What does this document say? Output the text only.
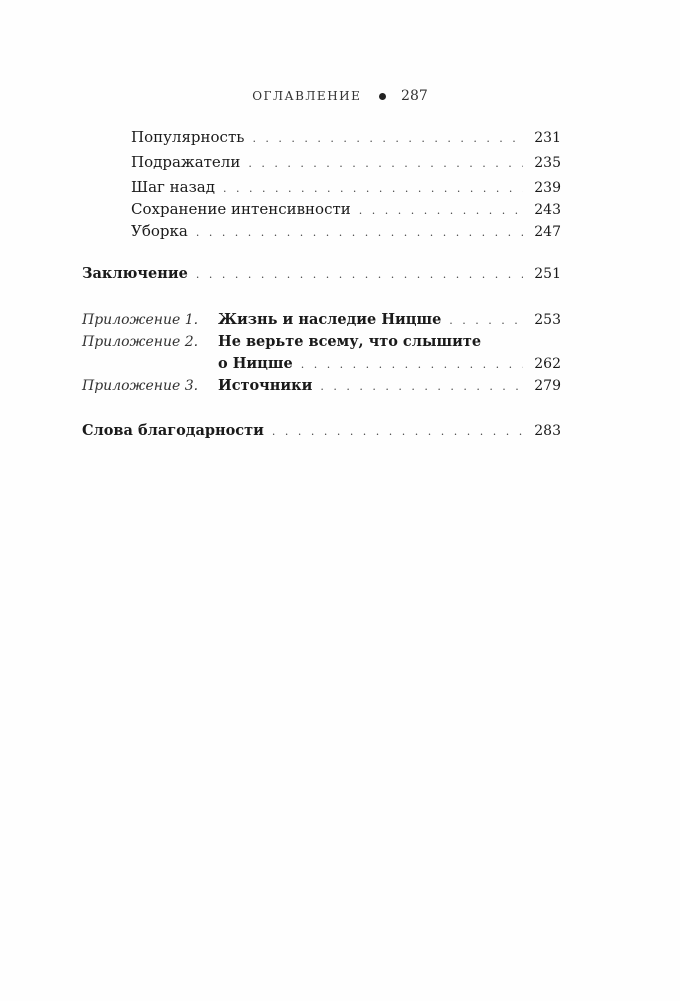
ОГЛАВЛЕНИЕ	287
Популярность . . .	231
Подражатели . . .	235
Шаг назад . . .	239
Сохранение интенсивности . . .	243
Уборка . . .	247
Заключение . . .	251
Приложение 1. Жизнь и наследие Ницше . . .	253
Приложение 2. Не верьте всему, что слышите
о Ницше . . .	262
Приложение 3. Источники . . .	279
Слова благодарности . . .	283
